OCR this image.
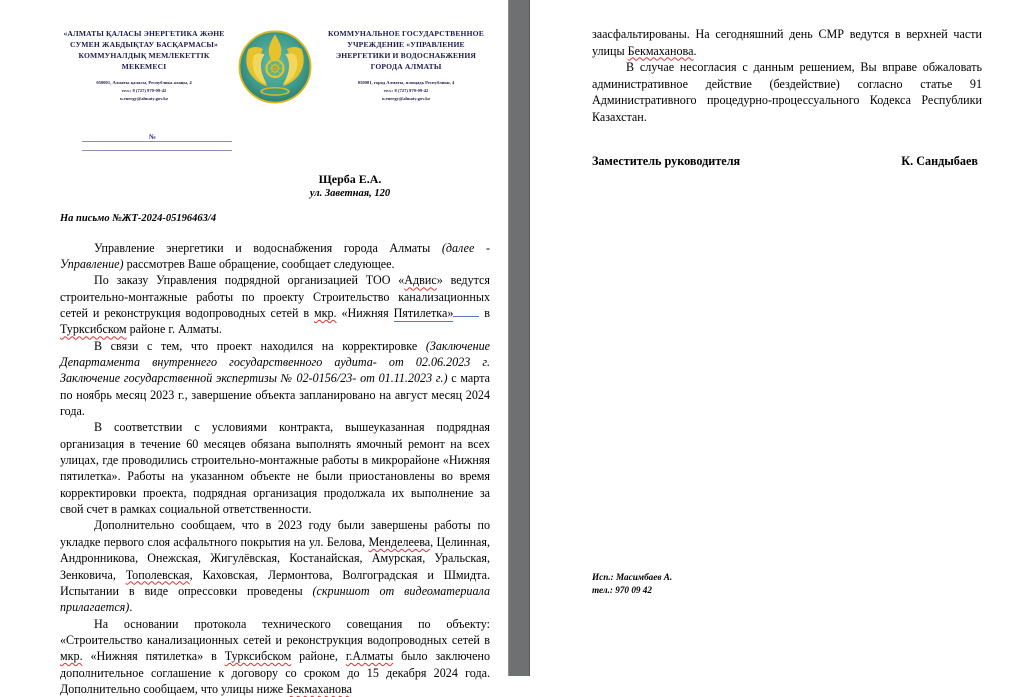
«АЛМАТЫ ҚАЛАСЫ ЭНЕРГЕТИКА ЖӘНЕ СУМЕН ЖАБДЫҚТАУ БАСҚАРМАСЫ» КОММУНАЛДЫҚ МЕМЛЕКЕТТІК МЕКЕМЕСІ
050001, Алматы қаласы, Республика алаңы, 4
тел.: 8 (727) 970-09-42
u.energy@almaty.gov.kz
КОММУНАЛЬНОЕ ГОСУДАРСТВЕННОЕ УЧРЕЖДЕНИЕ «УПРАВЛЕНИЕ ЭНЕРГЕТИКИ И ВОДОСНАБЖЕНИЯ ГОРОДА АЛМАТЫ
050001, город Алматы, площадь Республики, 4
тел.: 8 (727) 970-09-42
u.energy@almaty.gov.kz
№
Щерба Е.А.
ул. Заветная, 120
На письмо №ЖТ-2024-05196463/4

Управление энергетики и водоснабжения города Алматы (далее - Управление) рассмотрев Ваше обращение, сообщает следующее.

По заказу Управления подрядной организацией ТОО «Адвис» ведутся строительно-монтажные работы по проекту Строительство канализационных сетей и реконструкция водопроводных сетей в мкр. «Нижняя Пятилетка» в Турксибском районе г. Алматы.

В связи с тем, что проект находился на корректировке (Заключение Департамента внутреннего государственного аудита- от 02.06.2023 г. Заключение государственной экспертизы № 02-0156/23- от 01.11.2023 г.) с марта по ноябрь месяц 2023 г., завершение объекта запланировано на август месяц 2024 года.

В соответствии с условиями контракта, вышеуказанная подрядная организация в течение 60 месяцев обязана выполнять ямочный ремонт на всех улицах, где проводились строительно-монтажные работы в микрорайоне «Нижняя пятилетка». Работы на указанном объекте не были приостановлены во время корректировки проекта, подрядная организация продолжала их выполнение за свой счет в рамках социальной ответственности.

Дополнительно сообщаем, что в 2023 году были завершены работы по укладке первого слоя асфальтного покрытия на ул. Белова, Менделеева, Целинная, Андронникова, Онежская, Жигулёвская, Костанайская, Амурская, Уральская, Зенковича, Тополевская, Каховская, Лермонтова, Волгоградская и Шмидта. Испытании в виде опрессовки проведены (скриншот от видеоматериала прилагается).

На основании протокола технического совещания по объекту: «Строительство канализационных сетей и реконструкция водопроводных сетей в мкр. «Нижняя пятилетка» в Турксибском районе, г.Алматы было заключено дополнительное соглашение к договору со сроком до 15 декабря 2024 года. Дополнительно сообщаем, что улицы ниже Бекмаханова

заасфальтированы. На сегодняшний день СМР ведутся в верхней части улицы Бекмаханова.

В случае несогласия с данным решением, Вы вправе обжаловать административное действие (бездействие) согласно статье 91 Административного процедурно-процессуального Кодекса Республики Казахстан.

Заместитель руководителя	К. Сандыбаев
Исп.: Масимбаев А.
тел.: 970 09 42
